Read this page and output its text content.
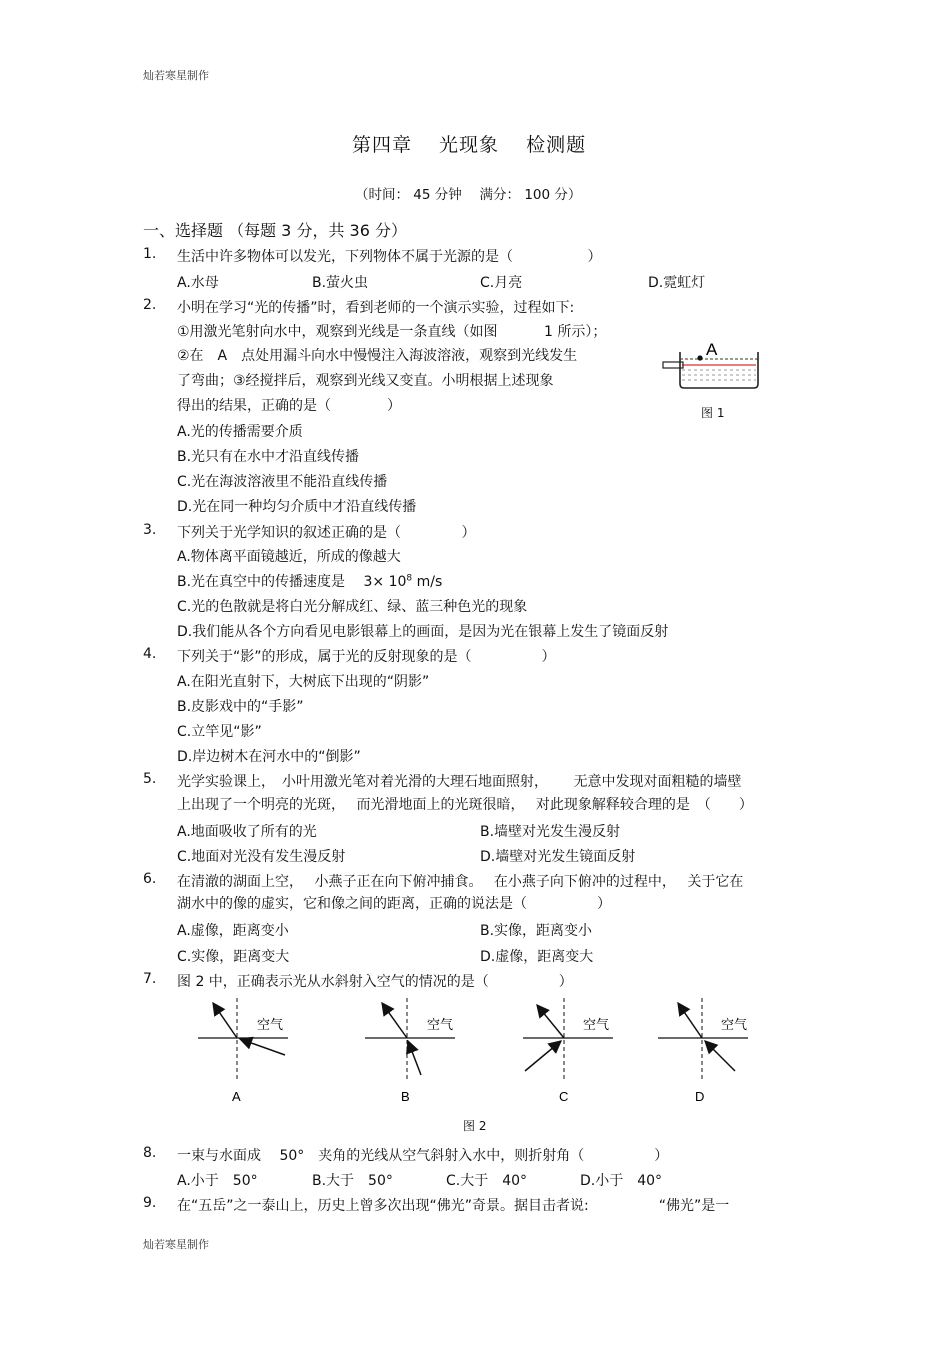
灿若寒星制作
灿若寒星制作
第四章　 光现象　 检测题
（时间： 45 分钟　 满分： 100 分）
一、选择题 （每题 3 分，共 36 分）
1. 生活中许多物体可以发光，下列物体不属于光源的是（　　　　　 ）
A.水母	B.萤火虫	C.月亮	D.霓虹灯
2. 小明在学习“光的传播”时，看到老师的一个演示实验，过程如下:
①用激光笔射向水中，观察到光线是一条直线（如图　　　 1 所示）；
②在　A　点处用漏斗向水中慢慢注入海波溶液，观察到光线发生
了弯曲；③经搅拌后，观察到光线又变直。小明根据上述现象
得出的结果，正确的是（　　　　）
A.光的传播需要介质
B.光只有在水中才沿直线传播
C.光在海波溶液里不能沿直线传播
D.光在同一种均匀介质中才沿直线传播
A
图 1
3. 下列关于光学知识的叙述正确的是（　　　　 ）
A.物体离平面镜越近，所成的像越大
B.光在真空中的传播速度是　 $3\times 10^8$ m/s
C.光的色散就是将白光分解成红、绿、蓝三种色光的现象
D.我们能从各个方向看见电影银幕上的画面，是因为光在银幕上发生了镜面反射
4. 下列关于“影”的形成，属于光的反射现象的是（　　　　　）
A.在阳光直射下，大树底下出现的“阴影”
B.皮影戏中的“手影”
C.立竿见“影”
D.岸边树木在河水中的“倒影”
5. 光学实验课上，　小叶用激光笔对着光滑的大理石地面照射，　　 无意中发现对面粗糙的墙壁
上出现了一个明亮的光斑，　 而光滑地面上的光斑很暗，　 对此现象解释较合理的是　（　　）
A.地面吸收了所有的光	B.墙壁对光发生漫反射
C.地面对光没有发生漫反射	D.墙壁对光发生镜面反射
6. 在清澈的湖面上空，　 小燕子正在向下俯冲捕食。　 在小燕子向下俯冲的过程中，　 关于它在
湖水中的像的虚实，它和像之间的距离，正确的说法是（　　　　　）
A.虚像，距离变小	B.实像，距离变小
C.实像，距离变大	D.虚像，距离变大
7. 图 2 中，正确表示光从水斜射入空气的情况的是（　　　　　）
空气
A
空气
B
空气
C
空气
D
图 2
8. 一束与水面成　 50°　夹角的光线从空气斜射入水中，则折射角（　　　　　）
A.小于　50°	B.大于　50°	C.大于　40°	D.小于　40°
9. 在“五岳”之一泰山上，历史上曾多次出现“佛光”奇景。据目击者说:　　　　　“佛光”是一
